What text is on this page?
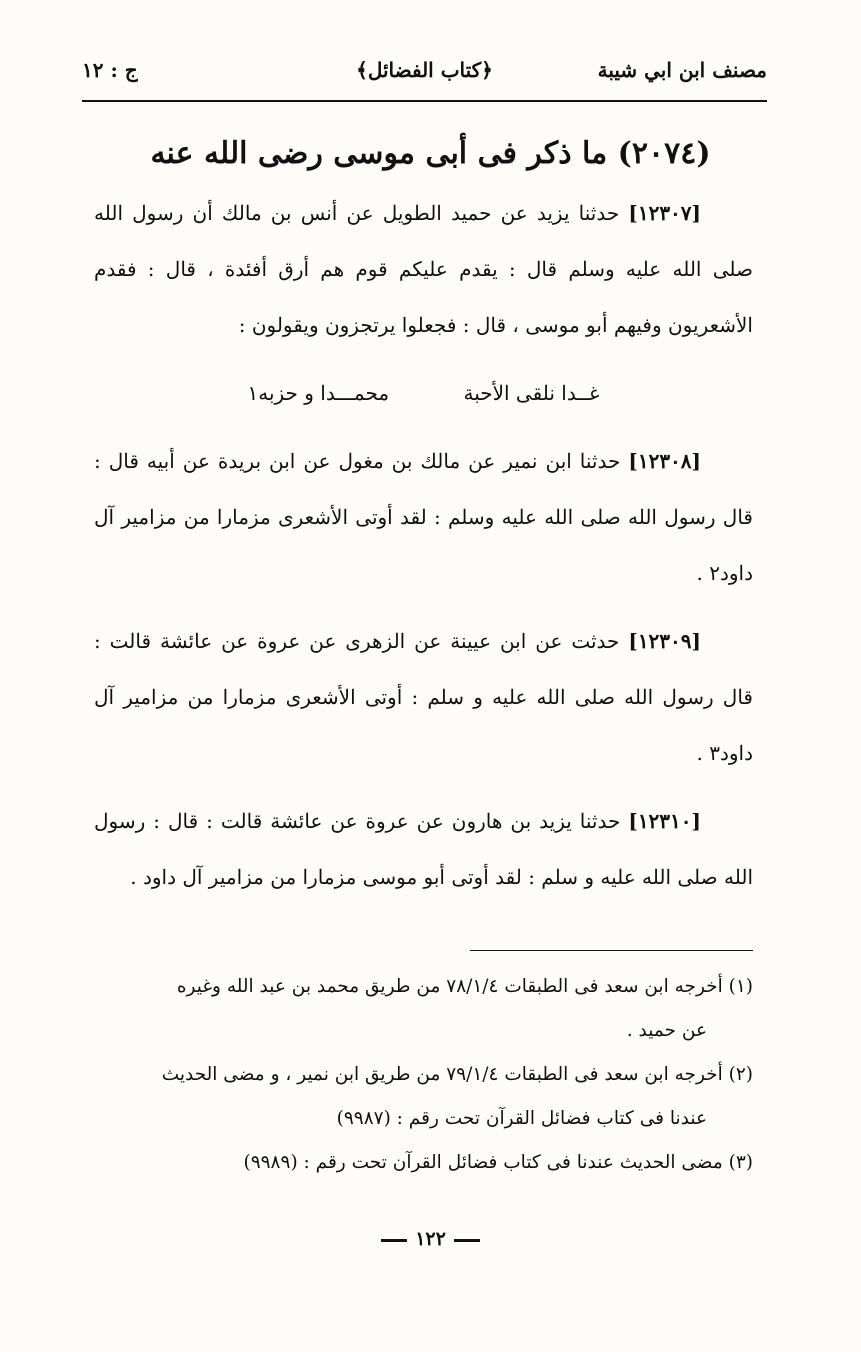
مصنف ابن ابي شيبة
﴿كتاب الفضائل﴾
ج : ١٢
(٢٠٧٤) ما ذكر فى أبى موسى رضى الله عنه

[١٢٣٠٧] حدثنا يزيد عن حميد الطويل عن أنس بن مالك أن رسول الله صلى الله عليه وسلم قال : يقدم عليكم قوم هم أرق أفئدة ، قال : فقدم الأشعريون وفيهم أبو موسى ، قال : فجعلوا يرتجزون ويقولون :

غــدا نلقى الأحبة محمـــدا و حزبه١

[١٢٣٠٨] حدثنا ابن نمير عن مالك بن مغول عن ابن بريدة عن أبيه قال : قال رسول الله صلى الله عليه وسلم : لقد أوتى الأشعرى مزمارا من مزامير آل داود٢ .

[١٢٣٠٩] حدثت عن ابن عيينة عن الزهرى عن عروة عن عائشة قالت : قال رسول الله صلى الله عليه و سلم : أوتى الأشعرى مزمارا من مزامير آل داود٣ .

[١٢٣١٠] حدثنا يزيد بن هارون عن عروة عن عائشة قالت : قال : رسول الله صلى الله عليه و سلم : لقد أوتى أبو موسى مزمارا من مزامير آل داود .

(١) أخرجه ابن سعد فى الطبقات ٧٨/١/٤ من طريق محمد بن عبد الله وغيره

عن حميد .

(٢) أخرجه ابن سعد فى الطبقات ٧٩/١/٤ من طريق ابن نمير ، و مضى الحديث

عندنا فى كتاب فضائل القرآن تحت رقم : (٩٩٨٧)

(٣) مضى الحديث عندنا فى كتاب فضائل القرآن تحت رقم : (٩٩٨٩)

١٢٢
